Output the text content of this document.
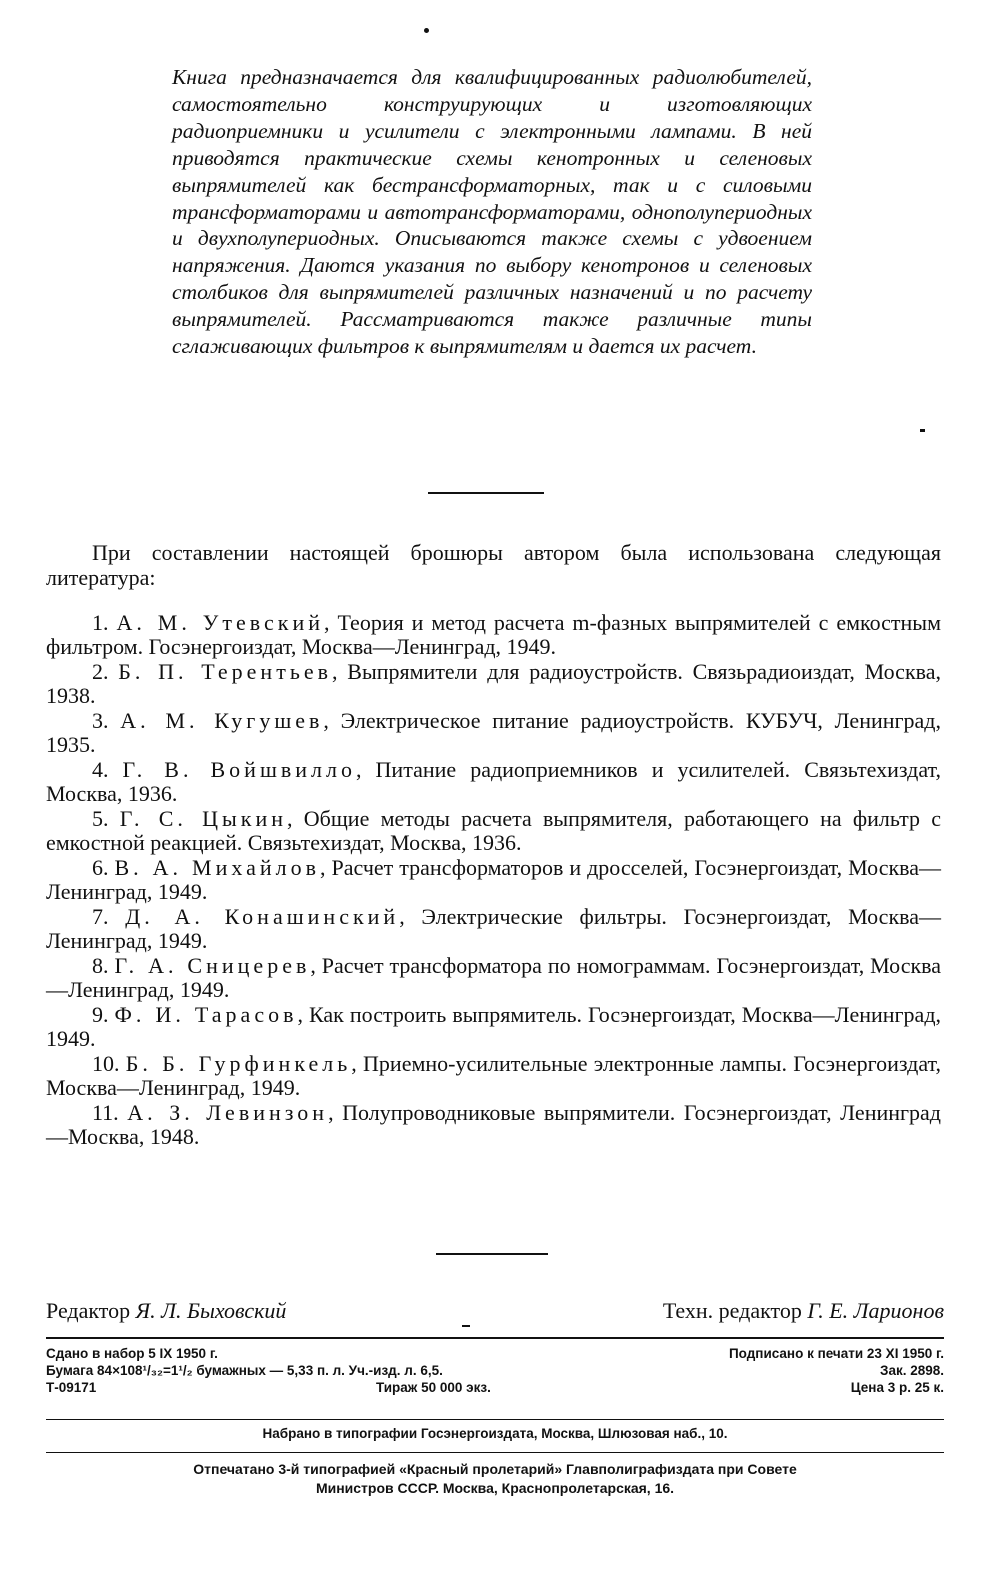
Книга предназначается для квалифицированных радиолюбителей, самостоятельно конструирующих и изготовляющих радиоприемники и усилители с электронными лампами. В ней приводятся практические схемы кенотронных и селеновых выпрямителей как бестрансформаторных, так и с силовыми трансформаторами и автотрансформаторами, однополупериодных и двухполупериодных. Описываются также схемы с удвоением напряжения. Даются указания по выбору кенотронов и селеновых столбиков для выпрямителей различных назначений и по расчету выпрямителей. Рассматриваются также различные типы сглаживающих фильтров к выпрямителям и дается их расчет.

При составлении настоящей брошюры автором была использована следующая литература:

1. А. М. Утевский, Теория и метод расчета m-фазных выпрямителей с емкостным фильтром. Госэнергоиздат, Москва—Ленинград, 1949.
2. Б. П. Терентьев, Выпрямители для радиоустройств. Связьрадиоиздат, Москва, 1938.
3. А. М. Кугушев, Электрическое питание радиоустройств. КУБУЧ, Ленинград, 1935.
4. Г. В. Войшвилло, Питание радиоприемников и усилителей. Связьтехиздат, Москва, 1936.
5. Г. С. Цыкин, Общие методы расчета выпрямителя, работающего на фильтр с емкостной реакцией. Связьтехиздат, Москва, 1936.
6. В. А. Михайлов, Расчет трансформаторов и дросселей, Госэнергоиздат, Москва—Ленинград, 1949.
7. Д. А. Конашинский, Электрические фильтры. Госэнергоиздат, Москва—Ленинград, 1949.
8. Г. А. Сницерев, Расчет трансформатора по номограммам. Госэнергоиздат, Москва—Ленинград, 1949.
9. Ф. И. Тарасов, Как построить выпрямитель. Госэнергоиздат, Москва—Ленинград, 1949.
10. Б. Б. Гурфинкель, Приемно-усилительные электронные лампы. Госэнергоиздат, Москва—Ленинград, 1949.
11. А. З. Левинзон, Полупроводниковые выпрямители. Госэнергоиздат, Ленинград—Москва, 1948.
Редактор Я. Л. Быховский	Техн. редактор Г. Е. Ларионов
Сдано в набор 5 IX 1950 г.	Подписано к печати 23 XI 1950 г.
Бумага 84×108¹/₃₂=1¹/₂ бумажных — 5,33 п. л. Уч.-изд. л. 6,5.	Зак. 2898.
Т-09171	Тираж 50 000 экз.	Цена 3 р. 25 к.
Набрано в типографии Госэнергоиздата, Москва, Шлюзовая наб., 10.
Отпечатано 3-й типографией «Красный пролетарий» Главполиграфиздата при Совете
Министров СССР. Москва, Краснопролетарская, 16.
